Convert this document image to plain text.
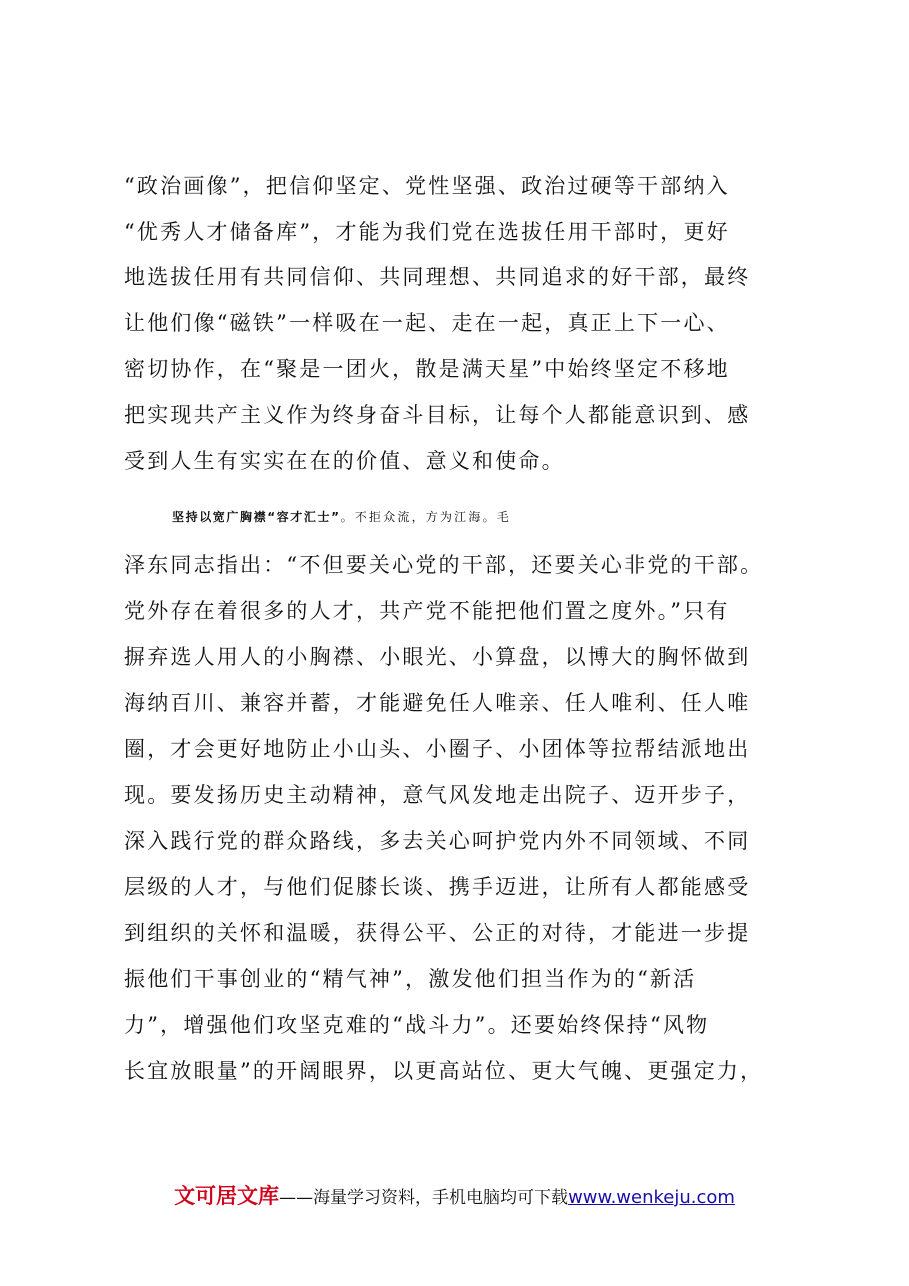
“政治画像”，把信仰坚定、党性坚强、政治过硬等干部纳入
“优秀人才储备库”，才能为我们党在选拔任用干部时，更好
地选拔任用有共同信仰、共同理想、共同追求的好干部，最终
让他们像“磁铁”一样吸在一起、走在一起，真正上下一心、
密切协作，在“聚是一团火，散是满天星”中始终坚定不移地
把实现共产主义作为终身奋斗目标，让每个人都能意识到、感
受到人生有实实在在的价值、意义和使命。
坚持以宽广胸襟“容才汇士”。不拒众流，方为江海。毛
泽东同志指出：“不但要关心党的干部，还要关心非党的干部。
党外存在着很多的人才，共产党不能把他们置之度外。”只有
摒弃选人用人的小胸襟、小眼光、小算盘，以博大的胸怀做到
海纳百川、兼容并蓄，才能避免任人唯亲、任人唯利、任人唯
圈，才会更好地防止小山头、小圈子、小团体等拉帮结派地出
现。要发扬历史主动精神，意气风发地走出院子、迈开步子，
深入践行党的群众路线，多去关心呵护党内外不同领域、不同
层级的人才，与他们促膝长谈、携手迈进，让所有人都能感受
到组织的关怀和温暖，获得公平、公正的对待，才能进一步提
振他们干事创业的“精气神”，激发他们担当作为的“新活
力”，增强他们攻坚克难的“战斗力”。还要始终保持“风物
长宜放眼量”的开阔眼界，以更高站位、更大气魄、更强定力，
文可居文库——海量学习资料，手机电脑均可下载www.wenkeju.com
